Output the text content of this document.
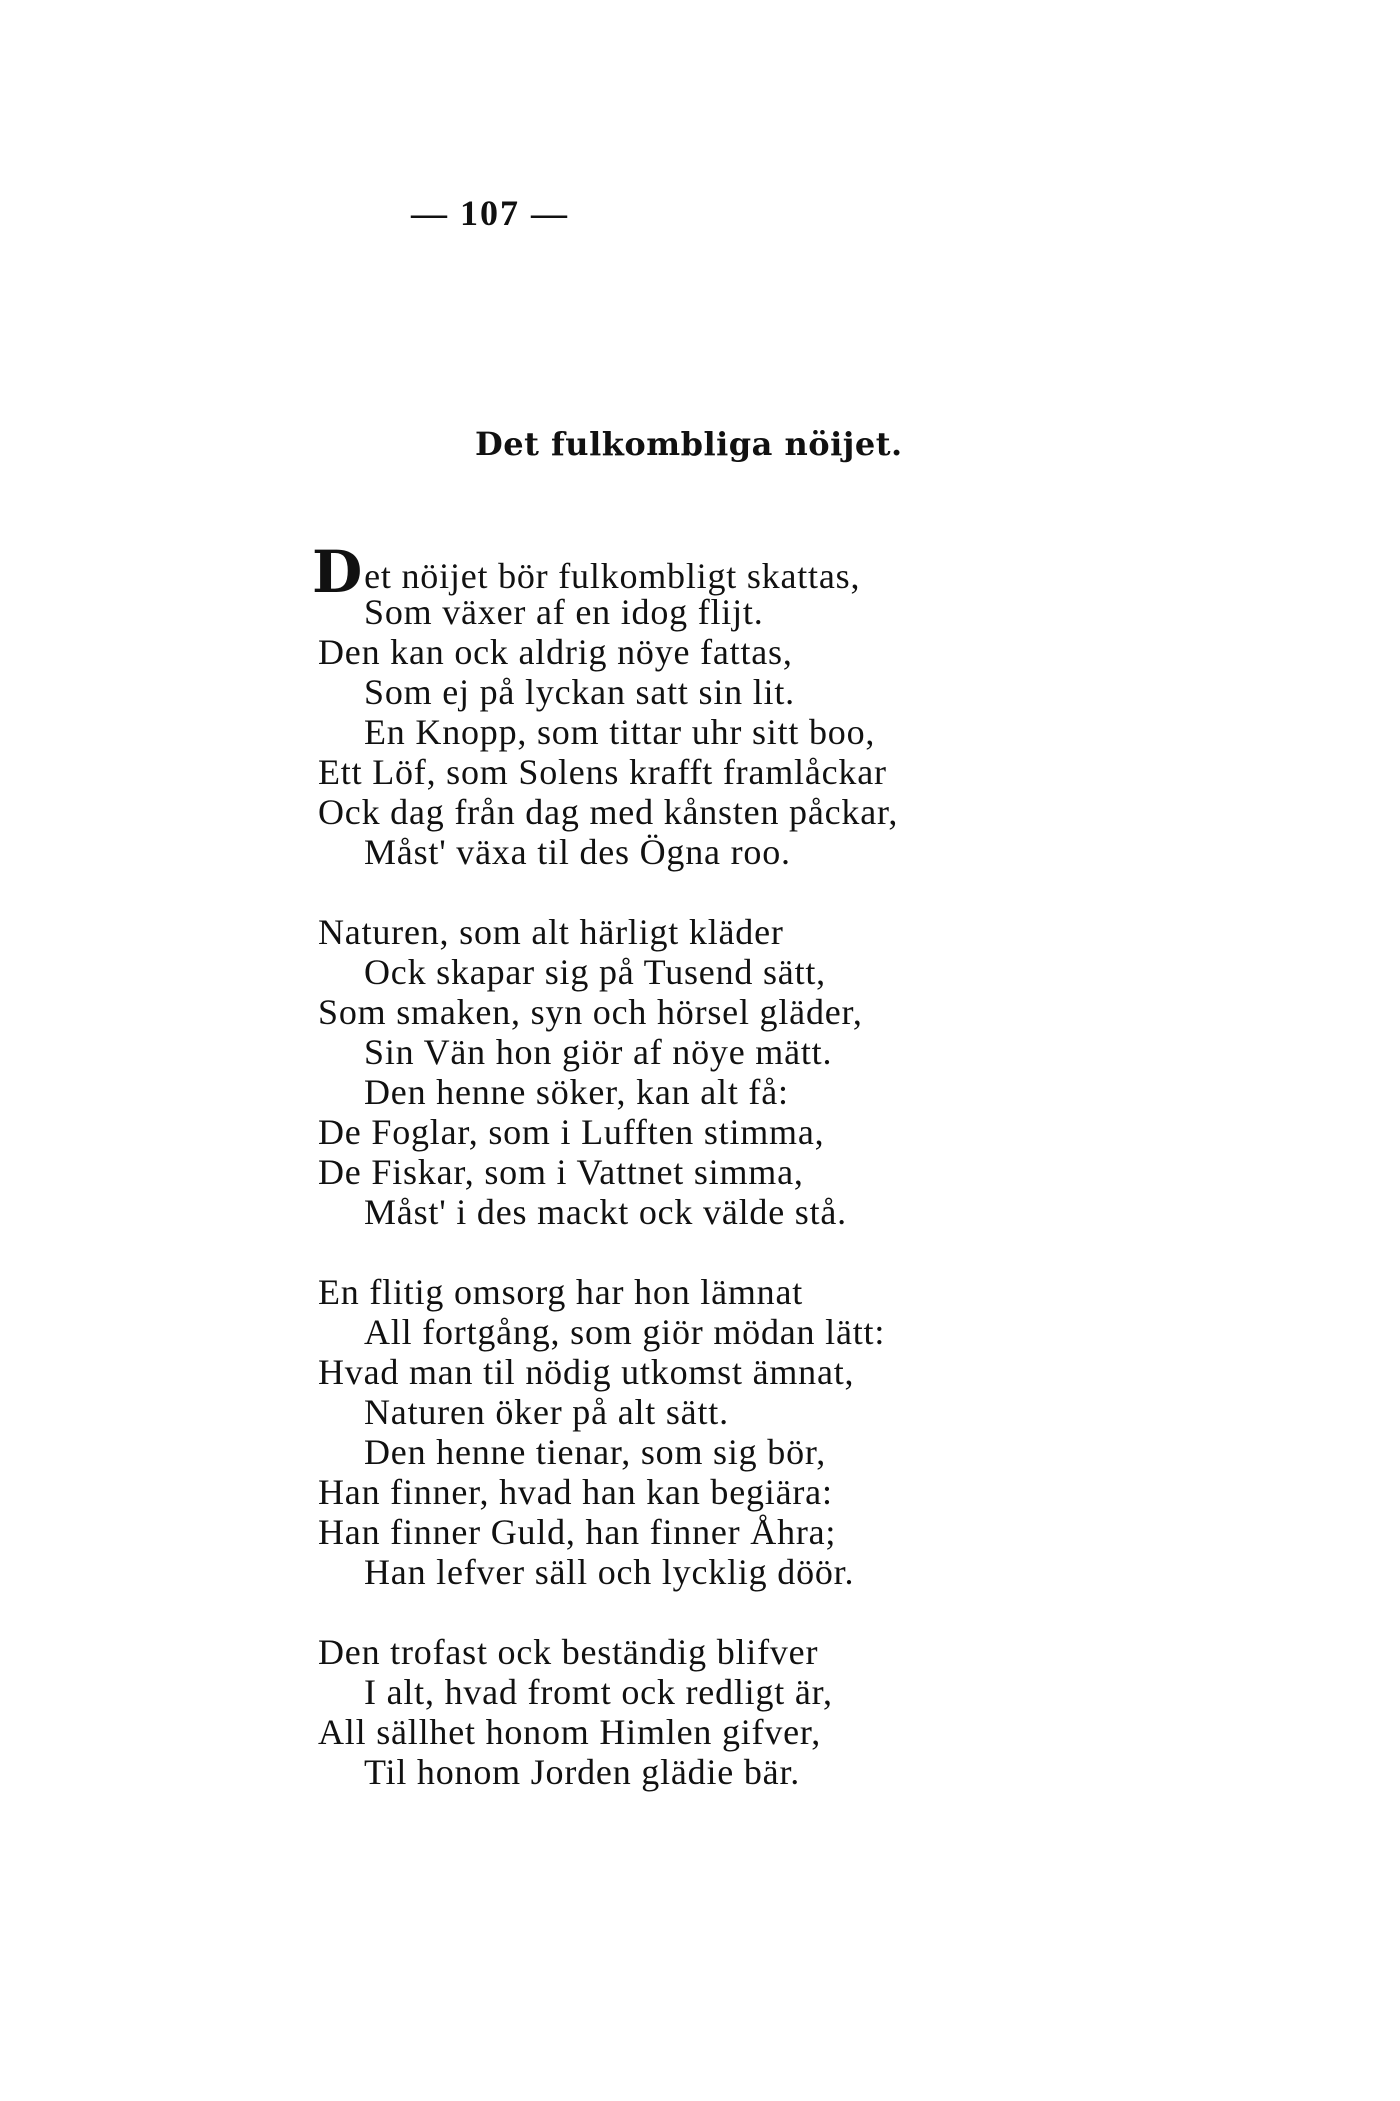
— 107 —
Det fulkombliga nöijet.
Det nöijet bör fulkombligt skattas,
Som växer af en idog flijt.
Den kan ock aldrig nöye fattas,
Som ej på lyckan satt sin lit.
En Knopp, som tittar uhr sitt boo,
Ett Löf, som Solens krafft framlåckar
Ock dag från dag med kånsten påckar,
Måst' växa til des Ögna roo.
Naturen, som alt härligt kläder
Ock skapar sig på Tusend sätt,
Som smaken, syn och hörsel gläder,
Sin Vän hon giör af nöye mätt.
Den henne söker, kan alt få:
De Foglar, som i Lufften stimma,
De Fiskar, som i Vattnet simma,
Måst' i des mackt ock välde stå.
En flitig omsorg har hon lämnat
All fortgång, som giör mödan lätt:
Hvad man til nödig utkomst ämnat,
Naturen öker på alt sätt.
Den henne tienar, som sig bör,
Han finner, hvad han kan begiära:
Han finner Guld, han finner Åhra;
Han lefver säll och lycklig döör.
Den trofast ock beständig blifver
I alt, hvad fromt ock redligt är,
All sällhet honom Himlen gifver,
Til honom Jorden glädie bär.
